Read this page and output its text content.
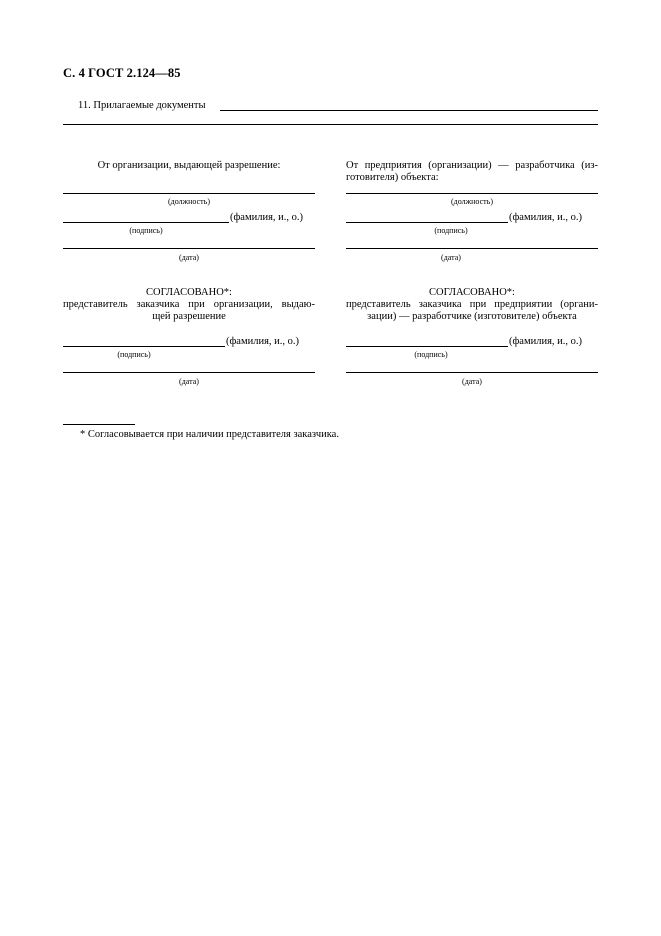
С. 4 ГОСТ 2.124—85
11. Прилагаемые документы
От организации, выдающей разрешение:
(должность)
(фамилия, и., о.)
(подпись)
(дата)
От предприятия (организации) — разработчика (из-
готовителя) объекта:
(должность)
(фамилия, и., о.)
(подпись)
(дата)
СОГЛАСОВАНО*:
представитель заказчика при организации, выдаю-
щей разрешение
(фамилия, и., о.)
(подпись)
(дата)
СОГЛАСОВАНО*:
представитель заказчика при предприятии (органи-
зации) — разработчике (изготовителе) объекта
(фамилия, и., о.)
(подпись)
(дата)
* Согласовывается при наличии представителя заказчика.
